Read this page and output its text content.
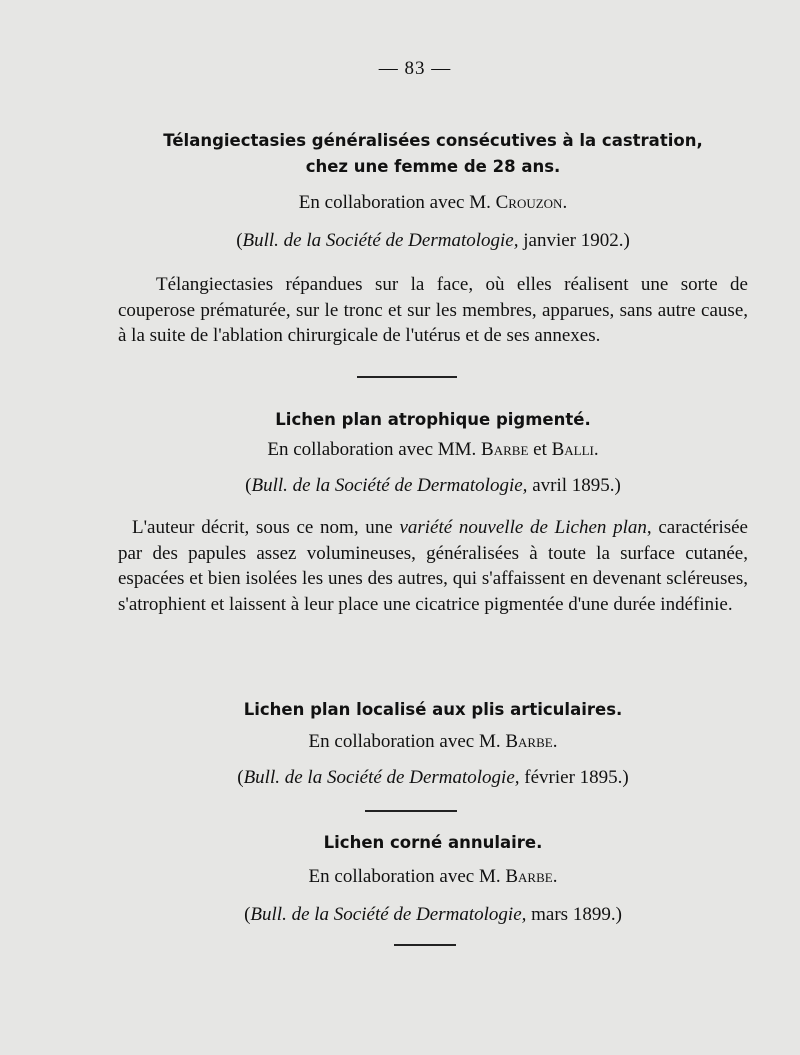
— 83 —
Télangiectasies généralisées consécutives à la castration,
chez une femme de 28 ans.
En collaboration avec M. Crouzon.
(Bull. de la Société de Dermatologie, janvier 1902.)
Télangiectasies répandues sur la face, où elles réalisent une sorte de couperose prématurée, sur le tronc et sur les membres, apparues, sans autre cause, à la suite de l'ablation chirurgicale de l'utérus et de ses annexes.
Lichen plan atrophique pigmenté.
En collaboration avec MM. Barbe et Balli.
(Bull. de la Société de Dermatologie, avril 1895.)
L'auteur décrit, sous ce nom, une variété nouvelle de Lichen plan, caractérisée par des papules assez volumineuses, généralisées à toute la surface cutanée, espacées et bien isolées les unes des autres, qui s'affaissent en devenant scléreuses, s'atrophient et laissent à leur place une cicatrice pigmentée d'une durée indéfinie.
Lichen plan localisé aux plis articulaires.
En collaboration avec M. Barbe.
(Bull. de la Société de Dermatologie, février 1895.)
Lichen corné annulaire.
En collaboration avec M. Barbe.
(Bull. de la Société de Dermatologie, mars 1899.)
